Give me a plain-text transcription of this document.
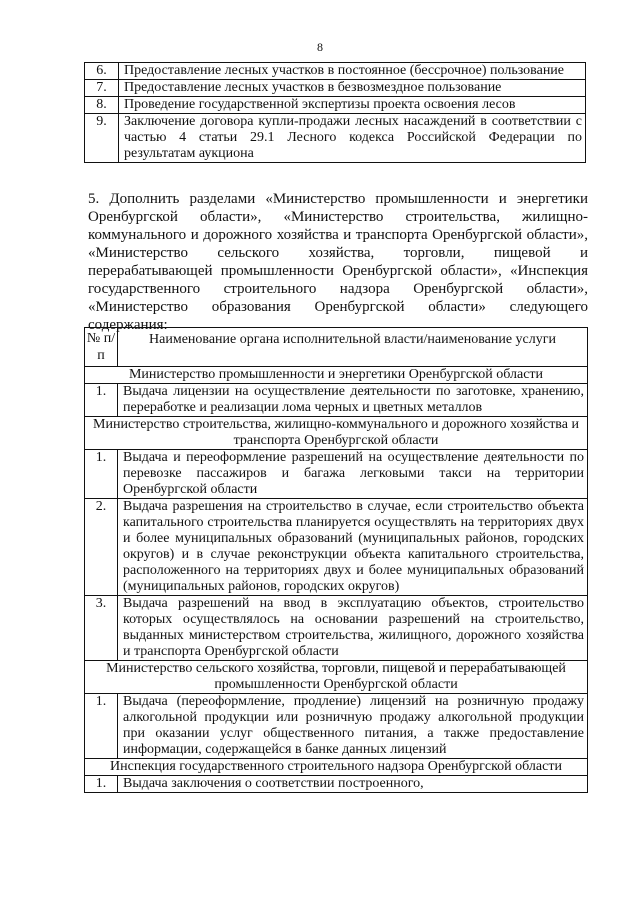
8
6.	Предоставление лесных участков в постоянное (бессрочное) пользование
7.	Предоставление лесных участков в безвозмездное пользование
8.	Проведение государственной экспертизы проекта освоения лесов
9.	Заключение договора купли-продажи лесных насаждений в соответствии с частью 4 статьи 29.1 Лесного кодекса Российской Федерации по результатам аукциона

5. Дополнить разделами «Министерство промышленности и энергетики Оренбургской области», «Министерство строительства, жилищно-коммунального и дорожного хозяйства и транспорта Оренбургской области», «Министерство сельского хозяйства, торговли, пищевой и перерабатывающей промышленности Оренбургской области», «Инспекция государственного строительного надзора Оренбургской области», «Министерство образования Оренбургской области» следующего содержания:

№ п/п	Наименование органа исполнительной власти/наименование услуги
Министерство промышленности и энергетики Оренбургской области	
1.	Выдача лицензии на осуществление деятельности по заготовке, хранению, переработке и реализации лома черных и цветных металлов
Министерство строительства, жилищно-коммунального и дорожного хозяйства и транспорта Оренбургской области	
1.	Выдача и переоформление разрешений на осуществление деятельности по перевозке пассажиров и багажа легковыми такси на территории Оренбургской области
2.	Выдача разрешения на строительство в случае, если строительство объекта капитального строительства планируется осуществлять на территориях двух и более муниципальных образований (муниципальных районов, городских округов) и в случае реконструкции объекта капитального строительства, расположенного на территориях двух и более муниципальных образований (муниципальных районов, городских округов)
3.	Выдача разрешений на ввод в эксплуатацию объектов, строительство которых осуществлялось на основании разрешений на строительство, выданных министерством строительства, жилищного, дорожного хозяйства и транспорта Оренбургской области
Министерство сельского хозяйства, торговли, пищевой и перерабатывающей промышленности Оренбургской области	
1.	Выдача (переоформление, продление) лицензий на розничную продажу алкогольной продукции или розничную продажу алкогольной продукции при оказании услуг общественного питания, а также предоставление информации, содержащейся в банке данных лицензий
Инспекция государственного строительного надзора Оренбургской области	
1.	Выдача заключения о соответствии построенного,
